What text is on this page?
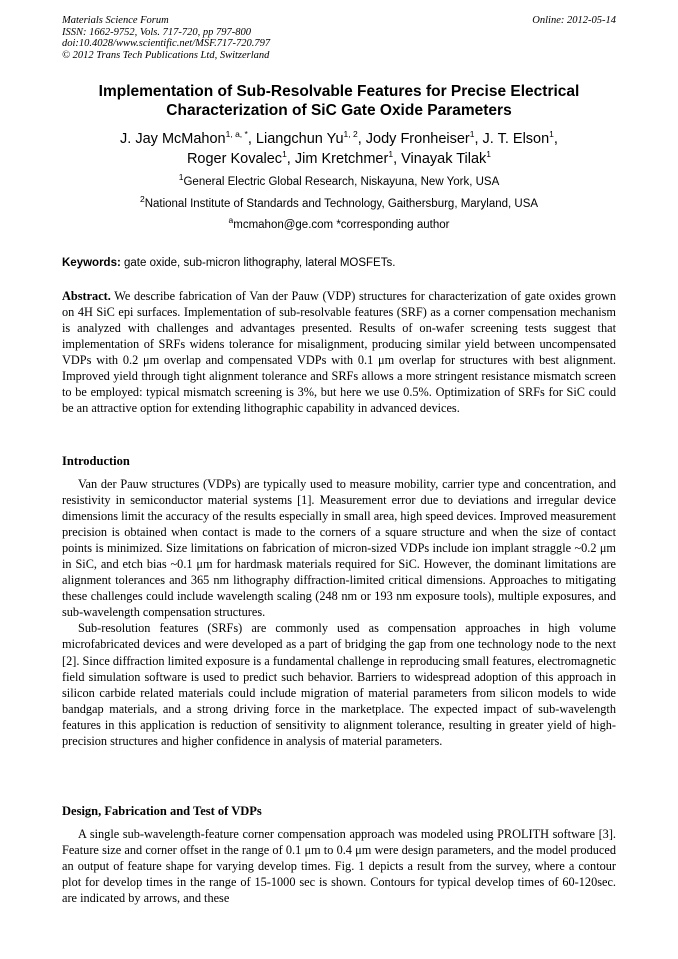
Materials Science Forum
ISSN: 1662-9752, Vols. 717-720, pp 797-800
doi:10.4028/www.scientific.net/MSF.717-720.797
© 2012 Trans Tech Publications Ltd, Switzerland
Online: 2012-05-14
Implementation of Sub-Resolvable Features for Precise Electrical
Characterization of SiC Gate Oxide Parameters
J. Jay McMahon$^{1, a, *}$, Liangchun Yu$^{1, 2}$, Jody Fronheiser$^1$, J. T. Elson$^1$,
Roger Kovalec$^1$, Jim Kretchmer$^1$, Vinayak Tilak$^1$
$^1$General Electric Global Research, Niskayuna, New York, USA
$^2$National Institute of Standards and Technology, Gaithersburg, Maryland, USA
$^a$mcmahon@ge.com *corresponding author
Keywords: gate oxide, sub-micron lithography, lateral MOSFETs.

Abstract. We describe fabrication of Van der Pauw (VDP) structures for characterization of gate oxides grown on 4H SiC epi surfaces. Implementation of sub-resolvable features (SRF) as a corner compensation mechanism is analyzed with challenges and advantages presented. Results of on-wafer screening tests suggest that implementation of SRFs widens tolerance for misalignment, producing similar yield between uncompensated VDPs with 0.2 μm overlap and compensated VDPs with 0.1 μm overlap for structures with best alignment. Improved yield through tight alignment tolerance and SRFs allows a more stringent resistance mismatch screen to be employed: typical mismatch screening is 3%, but here we use 0.5%. Optimization of SRFs for SiC could be an attractive option for extending lithographic capability in advanced devices.

Introduction

Van der Pauw structures (VDPs) are typically used to measure mobility, carrier type and concentration, and resistivity in semiconductor material systems [1]. Measurement error due to deviations and irregular device dimensions limit the accuracy of the results especially in small area, high speed devices. Improved measurement precision is obtained when contact is made to the corners of a square structure and when the size of contact points is minimized. Size limitations on fabrication of micron-sized VDPs include ion implant straggle ~0.2 μm in SiC, and etch bias ~0.1 μm for hardmask materials required for SiC. However, the dominant limitations are alignment tolerances and 365 nm lithography diffraction-limited critical dimensions. Approaches to mitigating these challenges could include wavelength scaling (248 nm or 193 nm exposure tools), multiple exposures, and sub-wavelength compensation structures.

Sub-resolution features (SRFs) are commonly used as compensation approaches in high volume microfabricated devices and were developed as a part of bridging the gap from one technology node to the next [2]. Since diffraction limited exposure is a fundamental challenge in reproducing small features, electromagnetic field simulation software is used to predict such behavior. Barriers to widespread adoption of this approach in silicon carbide related materials could include migration of material parameters from silicon models to wide bandgap materials, and a strong driving force in the marketplace. The expected impact of sub-wavelength features in this application is reduction of sensitivity to alignment tolerance, resulting in greater yield of high-precision structures and higher confidence in analysis of material parameters.

Design, Fabrication and Test of VDPs

A single sub-wavelength-feature corner compensation approach was modeled using PROLITH software [3]. Feature size and corner offset in the range of 0.1 μm to 0.4 μm were design parameters, and the model produced an output of feature shape for varying develop times. Fig. 1 depicts a result from the survey, where a contour plot for develop times in the range of 15-1000 sec is shown. Contours for typical develop times of 60-120sec. are indicated by arrows, and these
